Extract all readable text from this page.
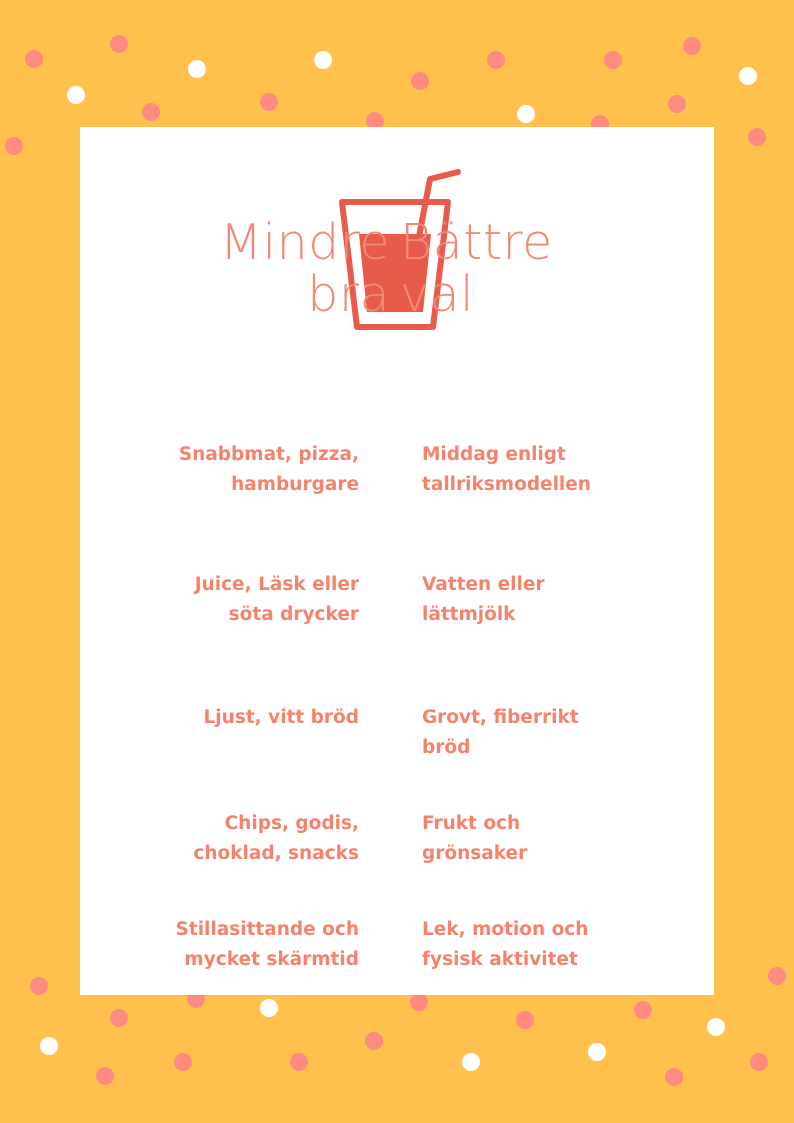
Mindre
bra
Bättre
val
Snabbmat, pizza,
hamburgare
Middag enligt
tallriksmodellen
Juice, Läsk eller
söta drycker
Vatten eller
lättmjölk
Ljust, vitt bröd	Grovt, fiberrikt
bröd
Chips, godis,
choklad, snacks
Frukt och
grönsaker
Stillasittande och
mycket skärmtid
Lek, motion och
fysisk aktivitet
